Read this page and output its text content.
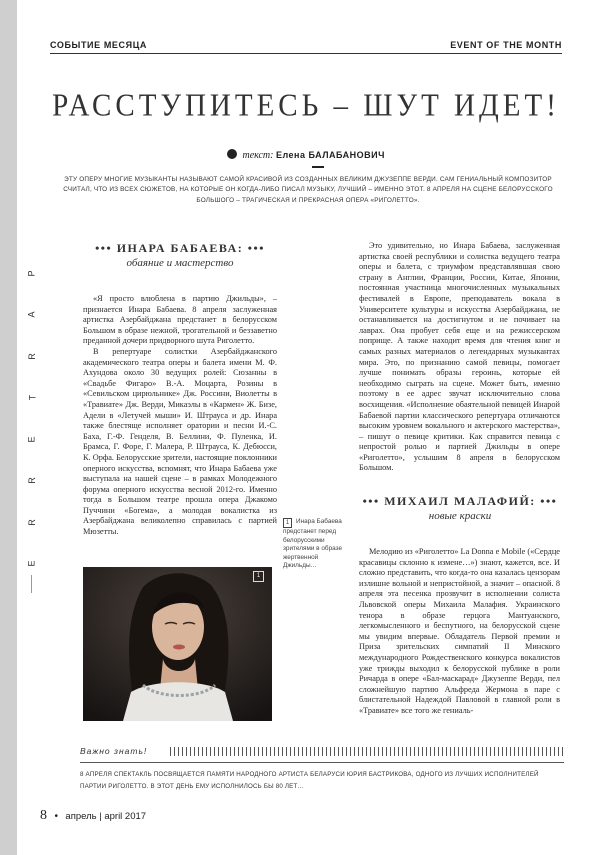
P
A
R
T
E
R
R
E
СОБЫТИЕ МЕСЯЦА	EVENT OF THE MONTH
РАССТУПИТЕСЬ – ШУТ ИДЕТ!
текст: Елена БАЛАБАНОВИЧ
ЭТУ ОПЕРУ МНОГИЕ МУЗЫКАНТЫ НАЗЫВАЮТ САМОЙ КРАСИВОЙ ИЗ СОЗДАННЫХ ВЕЛИКИМ ДЖУЗЕППЕ ВЕРДИ. САМ ГЕНИАЛЬНЫЙ КОМПОЗИТОР СЧИТАЛ, ЧТО ИЗ ВСЕХ СЮЖЕТОВ, НА КОТОРЫЕ ОН КОГДА-ЛИБО ПИСАЛ МУЗЫКУ, ЛУЧШИЙ – ИМЕННО ЭТОТ. 8 АПРЕЛЯ НА СЦЕНЕ БЕЛОРУССКОГО БОЛЬШОГО – ТРАГИЧЕСКАЯ И ПРЕКРАСНАЯ ОПЕРА «РИГОЛЕТТО».
••• ИНАРА БАБАЕВА: •••
обаяние и мастерство

«Я просто влюблена в партию Джильды», – признается Инара Бабаева. 8 апреля заслуженная артистка Азербайджана предстанет в белорусском Большом в образе нежной, трогательной и беззаветно преданной дочери придворного шута Риголетто.

В репертуаре солистки Азербайджанского академического театра оперы и балета имени М. Ф. Ахундова около 30 ведущих ролей: Сюзанны в «Свадьбе Фигаро» В.-А. Моцарта, Розины в «Севильском цирюльнике» Дж. Россини, Виолетты в «Травиате» Дж. Верди, Микаэлы в «Кармен» Ж. Бизе, Адели в «Летучей мыши» И. Штрауса и др. Инара также блестяще исполняет оратории и песни И.-С. Баха, Г.-Ф. Генделя, В. Беллини, Ф. Пуленка, И. Брамса, Г. Форе, Г. Малера, Р. Штрауса, К. Дебюсси, К. Орфа. Белорусские зрители, настоящие поклонники оперного искусства, вспомнят, что Инара Бабаева уже выступала на нашей сцене – в рамках Молодежного форума оперного искусства весной 2012-го. Именно тогда в Большом театре прошла опера Джакомо Пуччини «Богема», а молодая вокалистка из Азербайджана великолепно справилась с партией Мюзетты.

Это удивительно, но Инара Бабаева, заслуженная артистка своей республики и солистка ведущего театра оперы и балета, с триумфом представлявшая свою страну в Англии, Франции, России, Китае, Японии, постоянная участница многочисленных музыкальных фестивалей в Европе, преподаватель вокала в Университете культуры и искусства Азербайджана, не останавливается на достигнутом и не почивает на лаврах. Она пробует себя еще и на режиссерском поприще. А также находит время для чтения книг и самых разных материалов о легендарных музыкантах мира. Это, по признанию самой певицы, помогает лучше понимать образы героинь, которые ей необходимо сыграть на сцене. Может быть, именно поэтому в ее адрес звучат исключительно слова восхищения. «Исполнение обаятельной певицей Инарой Бабаевой партии классического репертуара отличаются высоким уровнем вокального и актерского мастерства», – пишут о певице критики. Как справится певица с непростой ролью и партией Джильды в опере «Риголетто», услышим 8 апреля в белорусском Большом.

••• МИХАИЛ МАЛАФИЙ: •••
новые краски

Мелодию из «Риголетто» La Donna e Mobile («Сердце красавицы склонно к измене…») знают, кажется, все. И сложно представить, что когда-то она казалась цензорам излишне вольной и непристойной, а значит – опасной. 8 апреля эта песенка прозвучит в исполнении солиста Львовской оперы Михаила Малафия. Украинского тенора в образе герцога Мантуанского, легкомысленного и беспутного, на белорусской сцене мы увидим впервые. Обладатель Первой премии и Приза зрительских симпатий II Минского международного Рождественского конкурса вокалистов уже трижды выходил к белорусской публике в роли Ричарда в опере «Бал-маскарад» Джузеппе Верди, пел сложнейшую партию Альфреда Жермона в паре с блистательной Надеждой Павловой в главной роли в «Травиате» все того же гениаль-

1 Инара Бабаева предстанет перед белорусскими зрителями в образе жертвенной Джильды…
1
Важно знать!
8 АПРЕЛЯ СПЕКТАКЛЬ ПОСВЯЩАЕТСЯ ПАМЯТИ НАРОДНОГО АРТИСТА БЕЛАРУСИ ЮРИЯ БАСТРИКОВА, ОДНОГО ИЗ ЛУЧШИХ ИСПОЛНИТЕЛЕЙ ПАРТИИ РИГОЛЕТТО. В ЭТОТ ДЕНЬ ЕМУ ИСПОЛНИЛОСЬ БЫ 80 ЛЕТ…
8 • апрель | april 2017
